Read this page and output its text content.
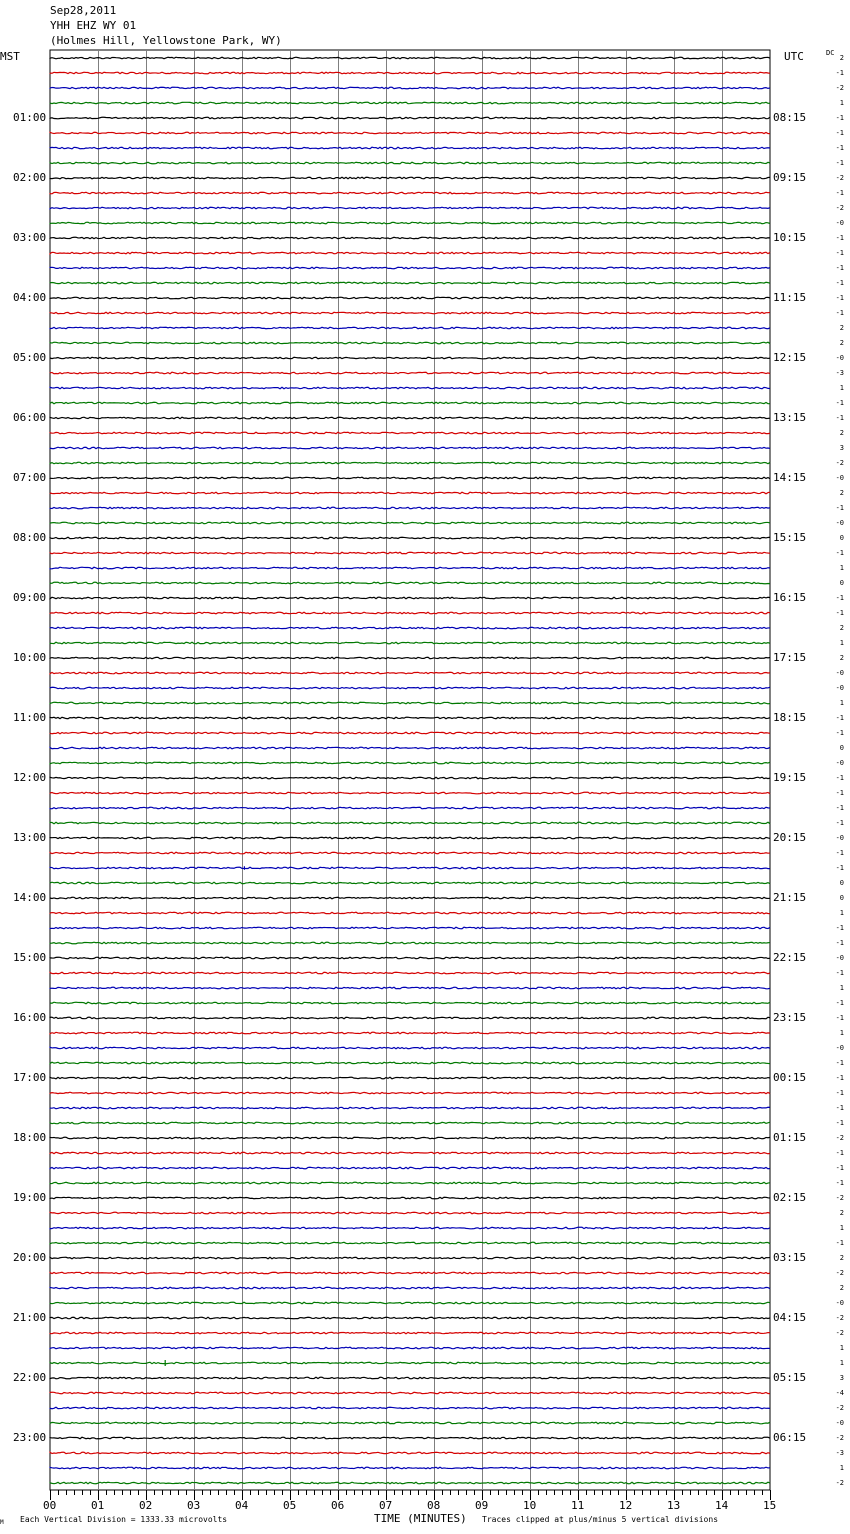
Sep28,2011
YHH EHZ WY 01
(Holmes Hill, Yellowstone Park, WY)
MST	UTC	DC
01:00
02:00
03:00
04:00
05:00
06:00
07:00
08:00
09:00
10:00
11:00
12:00
13:00
14:00
15:00
16:00
17:00
18:00
19:00
20:00
21:00
22:00
23:00
08:15
09:15
10:15
11:15
12:15
13:15
14:15
15:15
16:15
17:15
18:15
19:15
20:15
21:15
22:15
23:15
00:15
01:15
02:15
03:15
04:15
05:15
06:15
2
-1
-2
1
-1
-1
-1
-1
-2
-1
-2
-0
-1
-1
-1
-1
-1
-1
2
2
-0
-3
1
-1
-1
2
3
-2
-0
2
-1
-0
0
-1
1
0
-1
-1
2
1
2
-0
-0
1
-1
-1
0
-0
-1
-1
-1
-1
-0
-1
-1
0
0
1
-1
-1
-0
-1
1
-1
-1
1
-0
-1
-1
-1
-1
-1
-2
-1
-1
-1
-2
2
1
-1
2
-2
2
-0
-2
-2
1
1
3
-4
-2
-0
-2
-3
1
-2
00	01	02	03	04	05	06	07	08	09	10	11	12	13	14	15
M Each Vertical Division = 1333.33 microvolts	TIME (MINUTES) Traces clipped at plus/minus 5 vertical divisions
